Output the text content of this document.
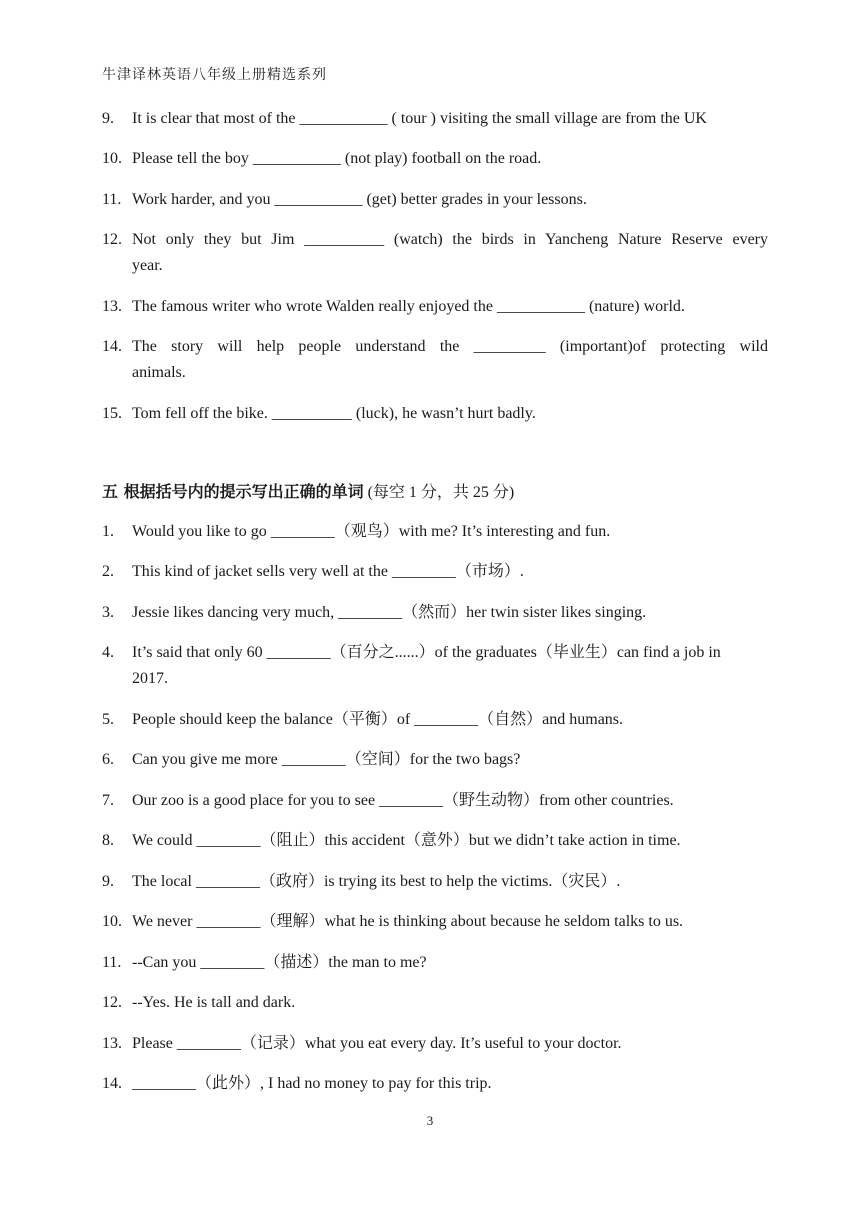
牛津译林英语八年级上册精选系列
9. It is clear that most of the ___________ ( tour ) visiting the small village are from the UK
10. Please tell the boy ___________ (not play) football on the road.
11. Work harder, and you ___________ (get) better grades in your lessons.
12. Not only they but Jim __________ (watch) the birds in Yancheng Nature Reserve every
year.
13. The famous writer who wrote Walden really enjoyed the ___________ (nature) world.
14. The story will help people understand the _________ (important)of protecting wild
animals.
15. Tom fell off the bike. __________ (luck), he wasn’t hurt badly.
五 根据括号内的提示写出正确的单词 (每空 1 分，共 25 分)
1. Would you like to go ________（观鸟）with me? It’s interesting and fun.
2. This kind of jacket sells very well at the ________（市场）.
3. Jessie likes dancing very much, ________（然而）her twin sister likes singing.
4. It’s said that only 60 ________（百分之......）of the graduates（毕业生）can find a job in
2017.
5. People should keep the balance（平衡）of ________（自然）and humans.
6. Can you give me more ________（空间）for the two bags?
7. Our zoo is a good place for you to see ________（野生动物）from other countries.
8. We could ________（阻止）this accident（意外）but we didn’t take action in time.
9. The local ________（政府）is trying its best to help the victims.（灾民）.
10. We never ________（理解）what he is thinking about because he seldom talks to us.
11. --Can you ________（描述）the man to me?
12. --Yes. He is tall and dark.
13. Please ________（记录）what you eat every day. It’s useful to your doctor.
14. ________（此外）, I had no money to pay for this trip.
3
